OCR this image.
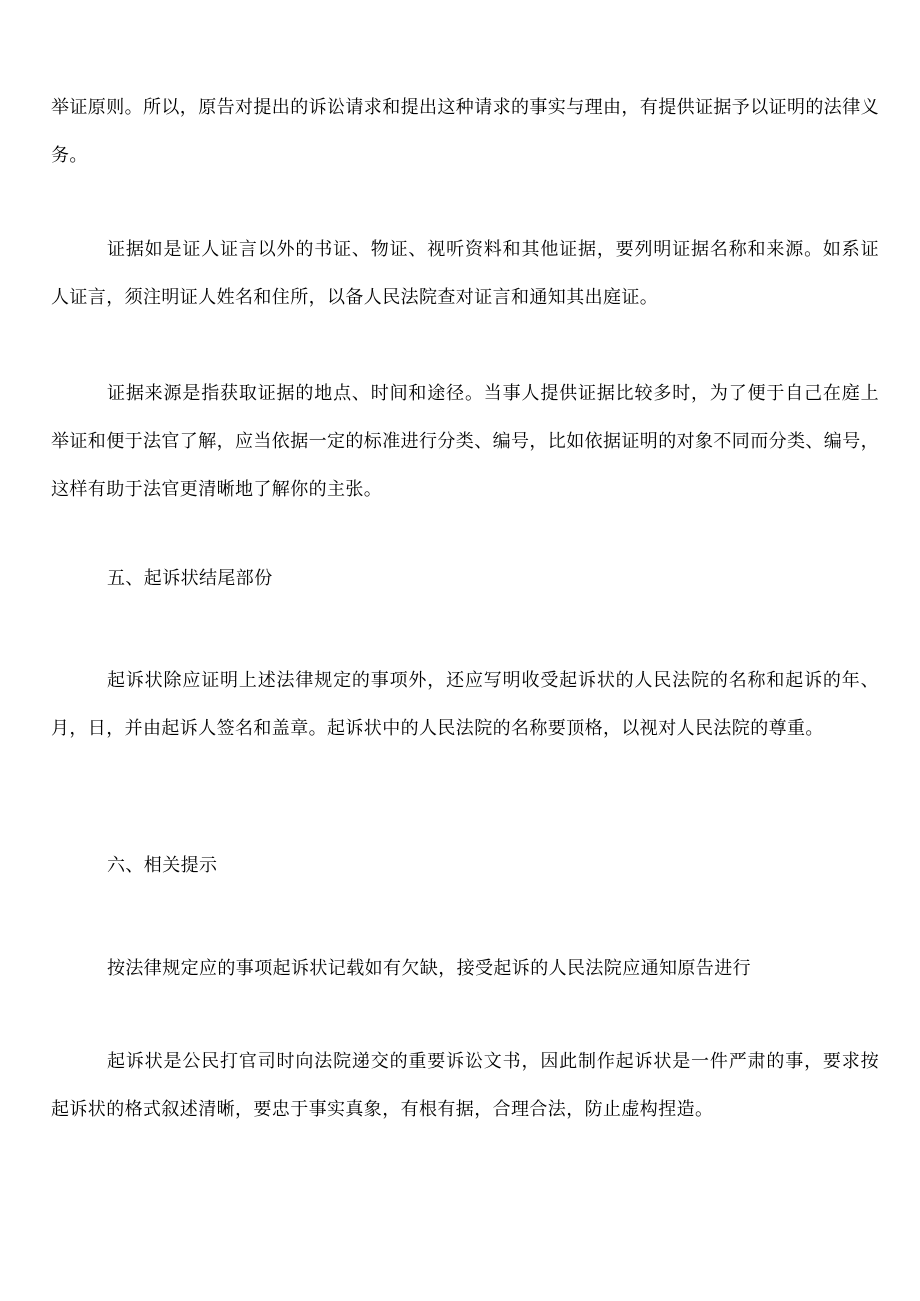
举证原则。所以，原告对提出的诉讼请求和提出这种请求的事实与理由，有提供证据予以证明的法律义务。

证据如是证人证言以外的书证、物证、视听资料和其他证据，要列明证据名称和来源。如系证人证言，须注明证人姓名和住所，以备人民法院查对证言和通知其出庭证。

证据来源是指获取证据的地点、时间和途径。当事人提供证据比较多时，为了便于自己在庭上举证和便于法官了解，应当依据一定的标准进行分类、编号，比如依据证明的对象不同而分类、编号，这样有助于法官更清晰地了解你的主张。

五、起诉状结尾部份

起诉状除应证明上述法律规定的事项外，还应写明收受起诉状的人民法院的名称和起诉的年、月，日，并由起诉人签名和盖章。起诉状中的人民法院的名称要顶格，以视对人民法院的尊重。

六、相关提示

按法律规定应的事项起诉状记载如有欠缺，接受起诉的人民法院应通知原告进行

起诉状是公民打官司时向法院递交的重要诉讼文书，因此制作起诉状是一件严肃的事，要求按起诉状的格式叙述清晰，要忠于事实真象，有根有据，合理合法，防止虚构捏造。
